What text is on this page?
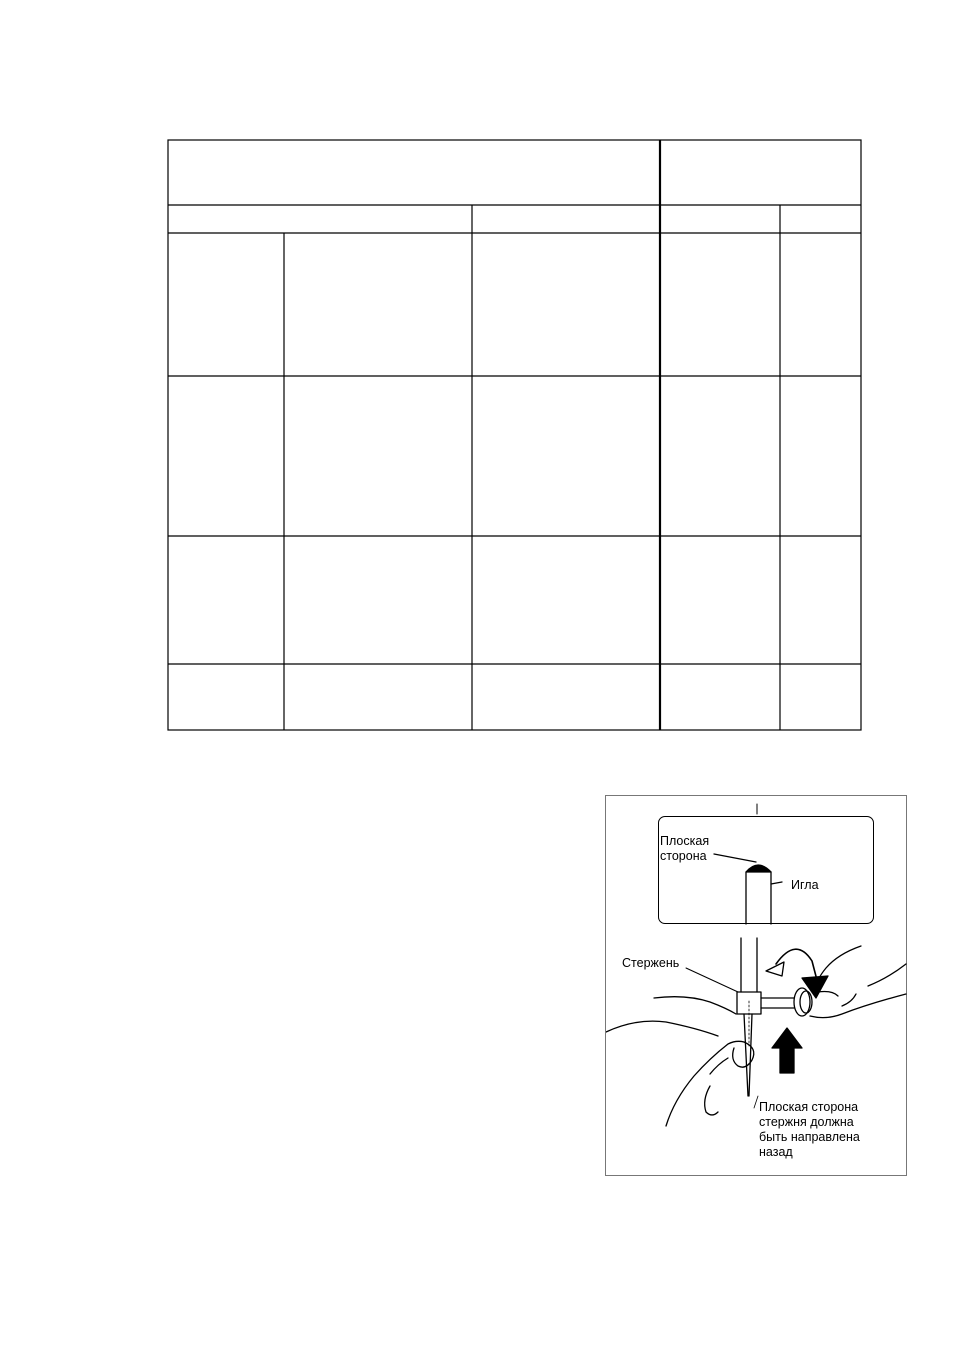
Плоская
сторона
Игла
Стержень
Плоская сторона
стержня должна
быть направлена
назад
